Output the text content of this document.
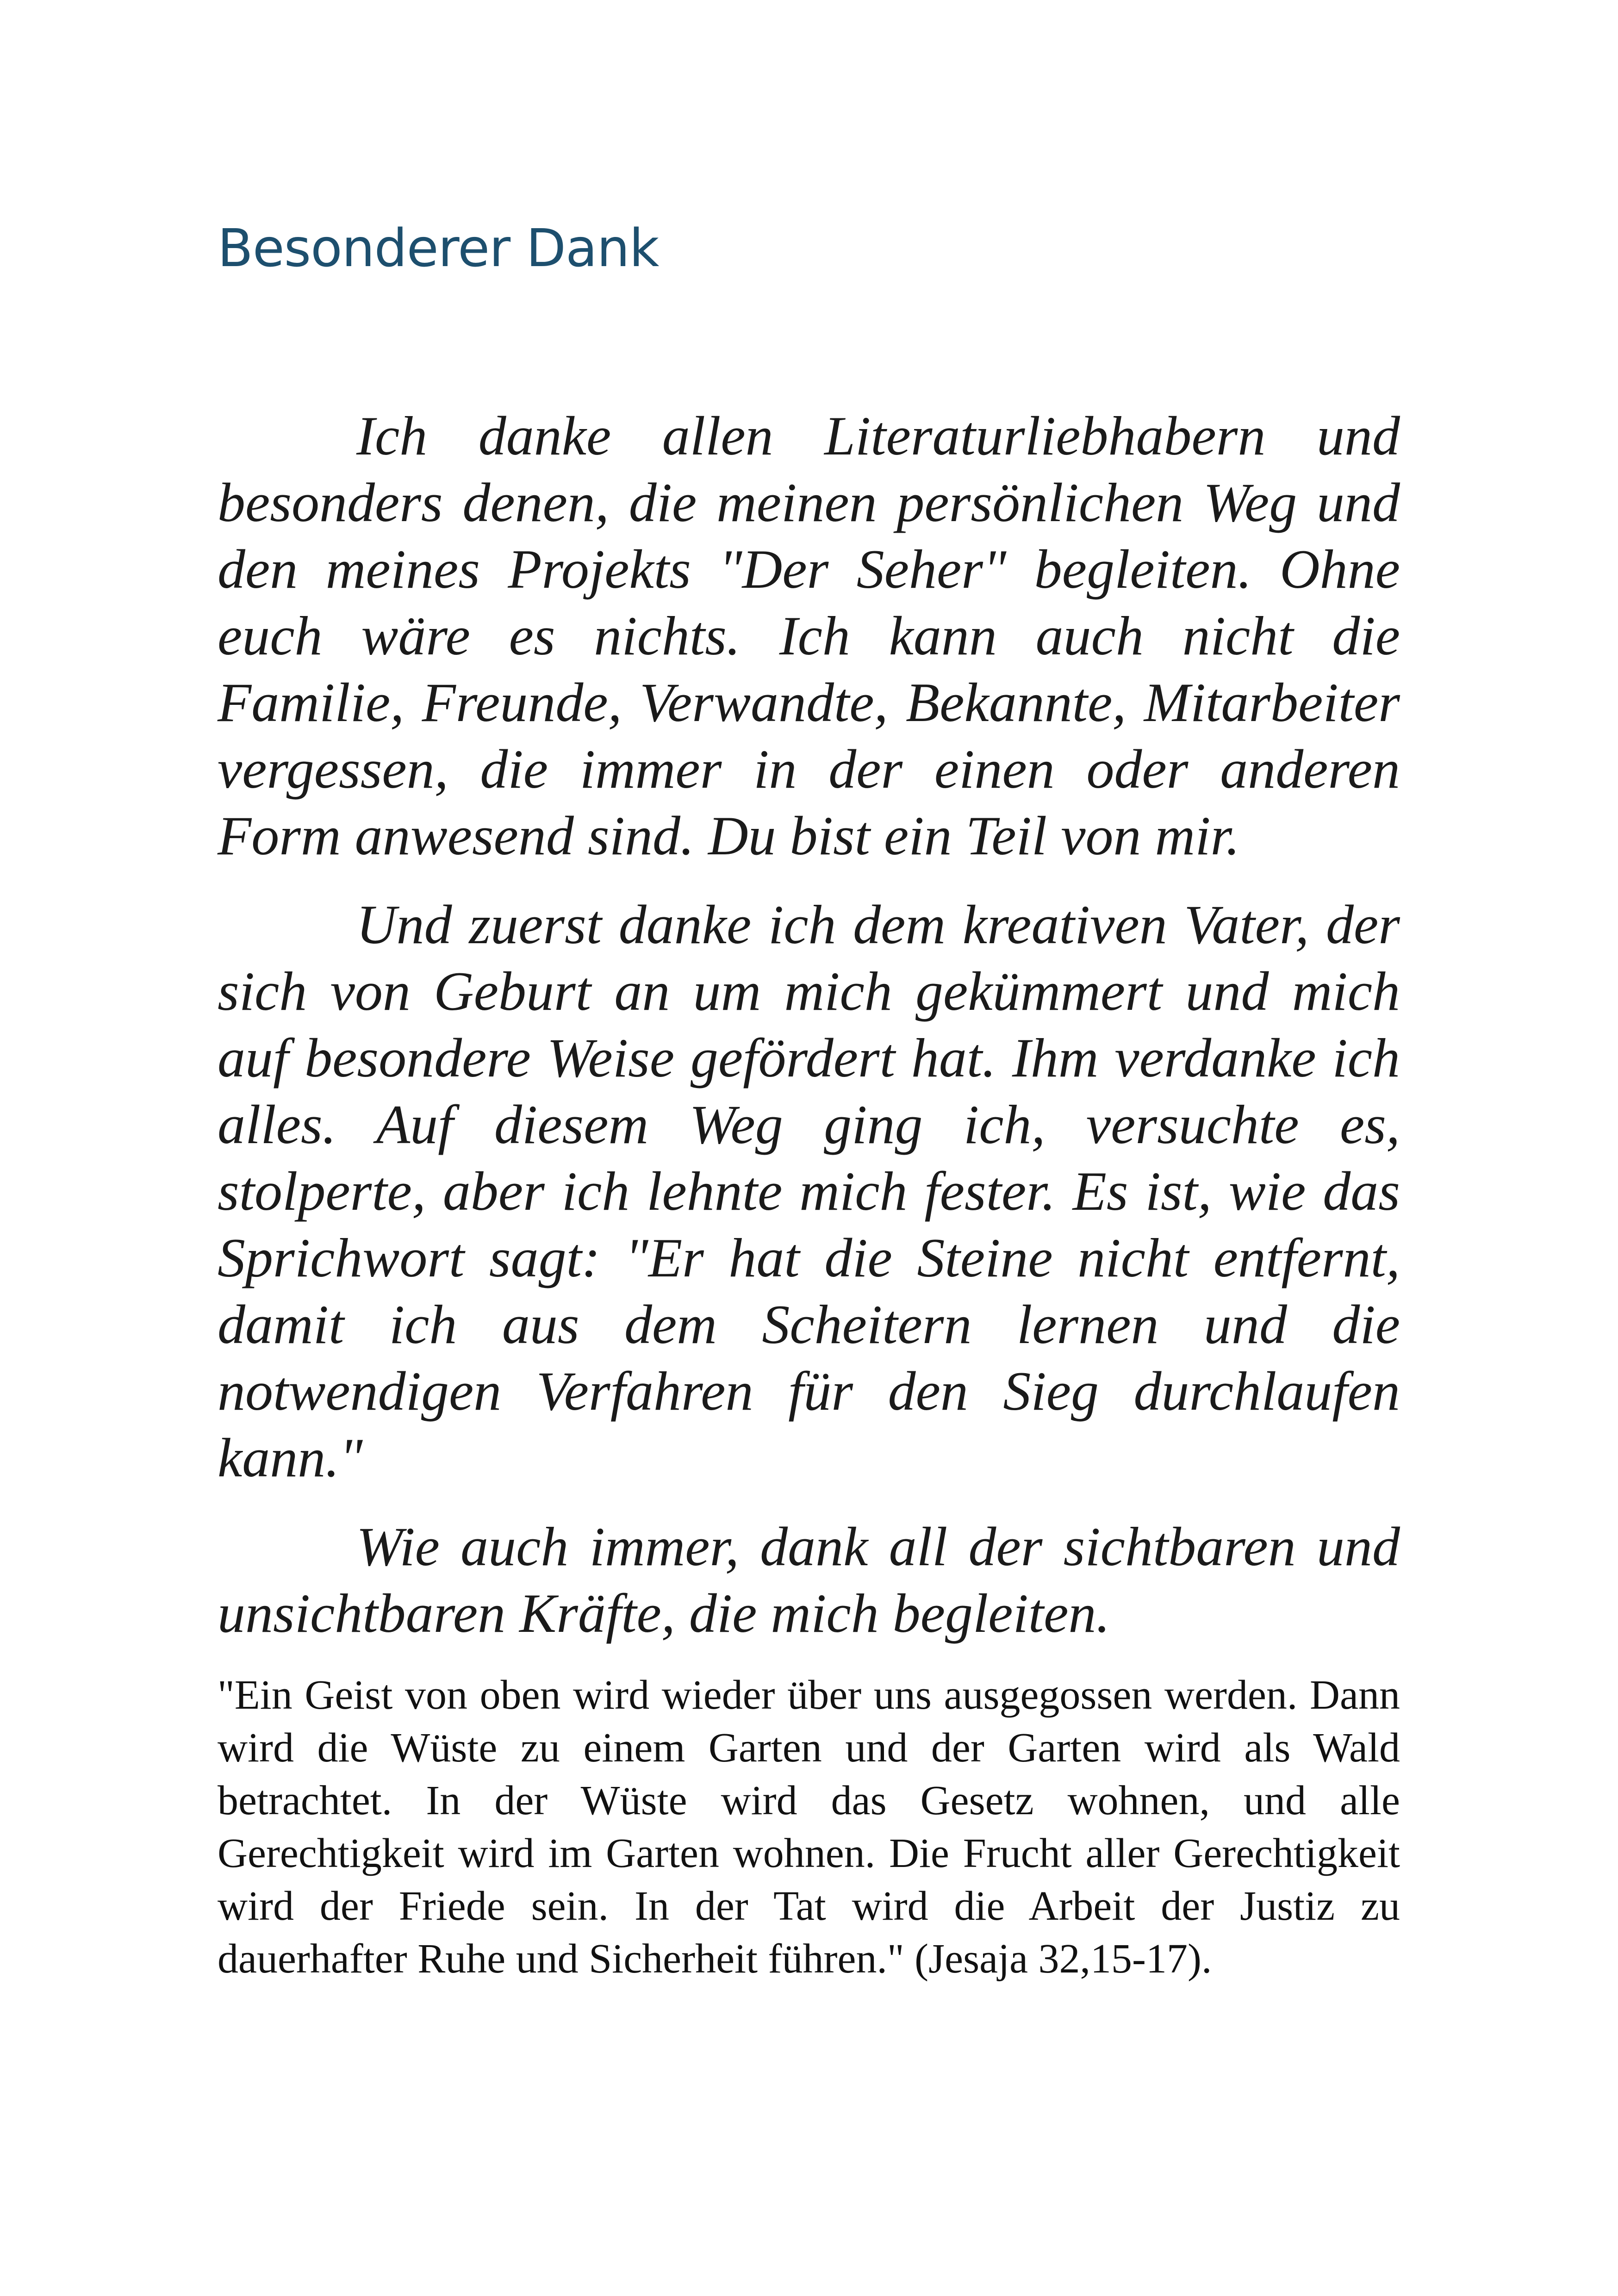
Besonderer Dank

Ich danke allen Literaturliebhabern und besonders denen, die meinen persönlichen Weg und den meines Projekts "Der Seher" begleiten. Ohne euch wäre es nichts. Ich kann auch nicht die Familie, Freunde, Verwandte, Bekannte, Mitarbeiter vergessen, die immer in der einen oder anderen Form anwesend sind. Du bist ein Teil von mir.

Und zuerst danke ich dem kreativen Vater, der sich von Geburt an um mich gekümmert und mich auf besondere Weise gefördert hat. Ihm verdanke ich alles. Auf diesem Weg ging ich, versuchte es, stolperte, aber ich lehnte mich fester. Es ist, wie das Sprichwort sagt: "Er hat die Steine nicht entfernt, damit ich aus dem Scheitern lernen und die notwendigen Verfahren für den Sieg durchlaufen kann."

Wie auch immer, dank all der sichtbaren und unsichtbaren Kräfte, die mich begleiten.

"Ein Geist von oben wird wieder über uns ausgegossen werden. Dann wird die Wüste zu einem Garten und der Garten wird als Wald betrachtet. In der Wüste wird das Gesetz wohnen, und alle Gerechtigkeit wird im Garten wohnen. Die Frucht aller Gerechtigkeit wird der Friede sein. In der Tat wird die Arbeit der Justiz zu dauerhafter Ruhe und Sicherheit führen." (Jesaja 32,15-17).
